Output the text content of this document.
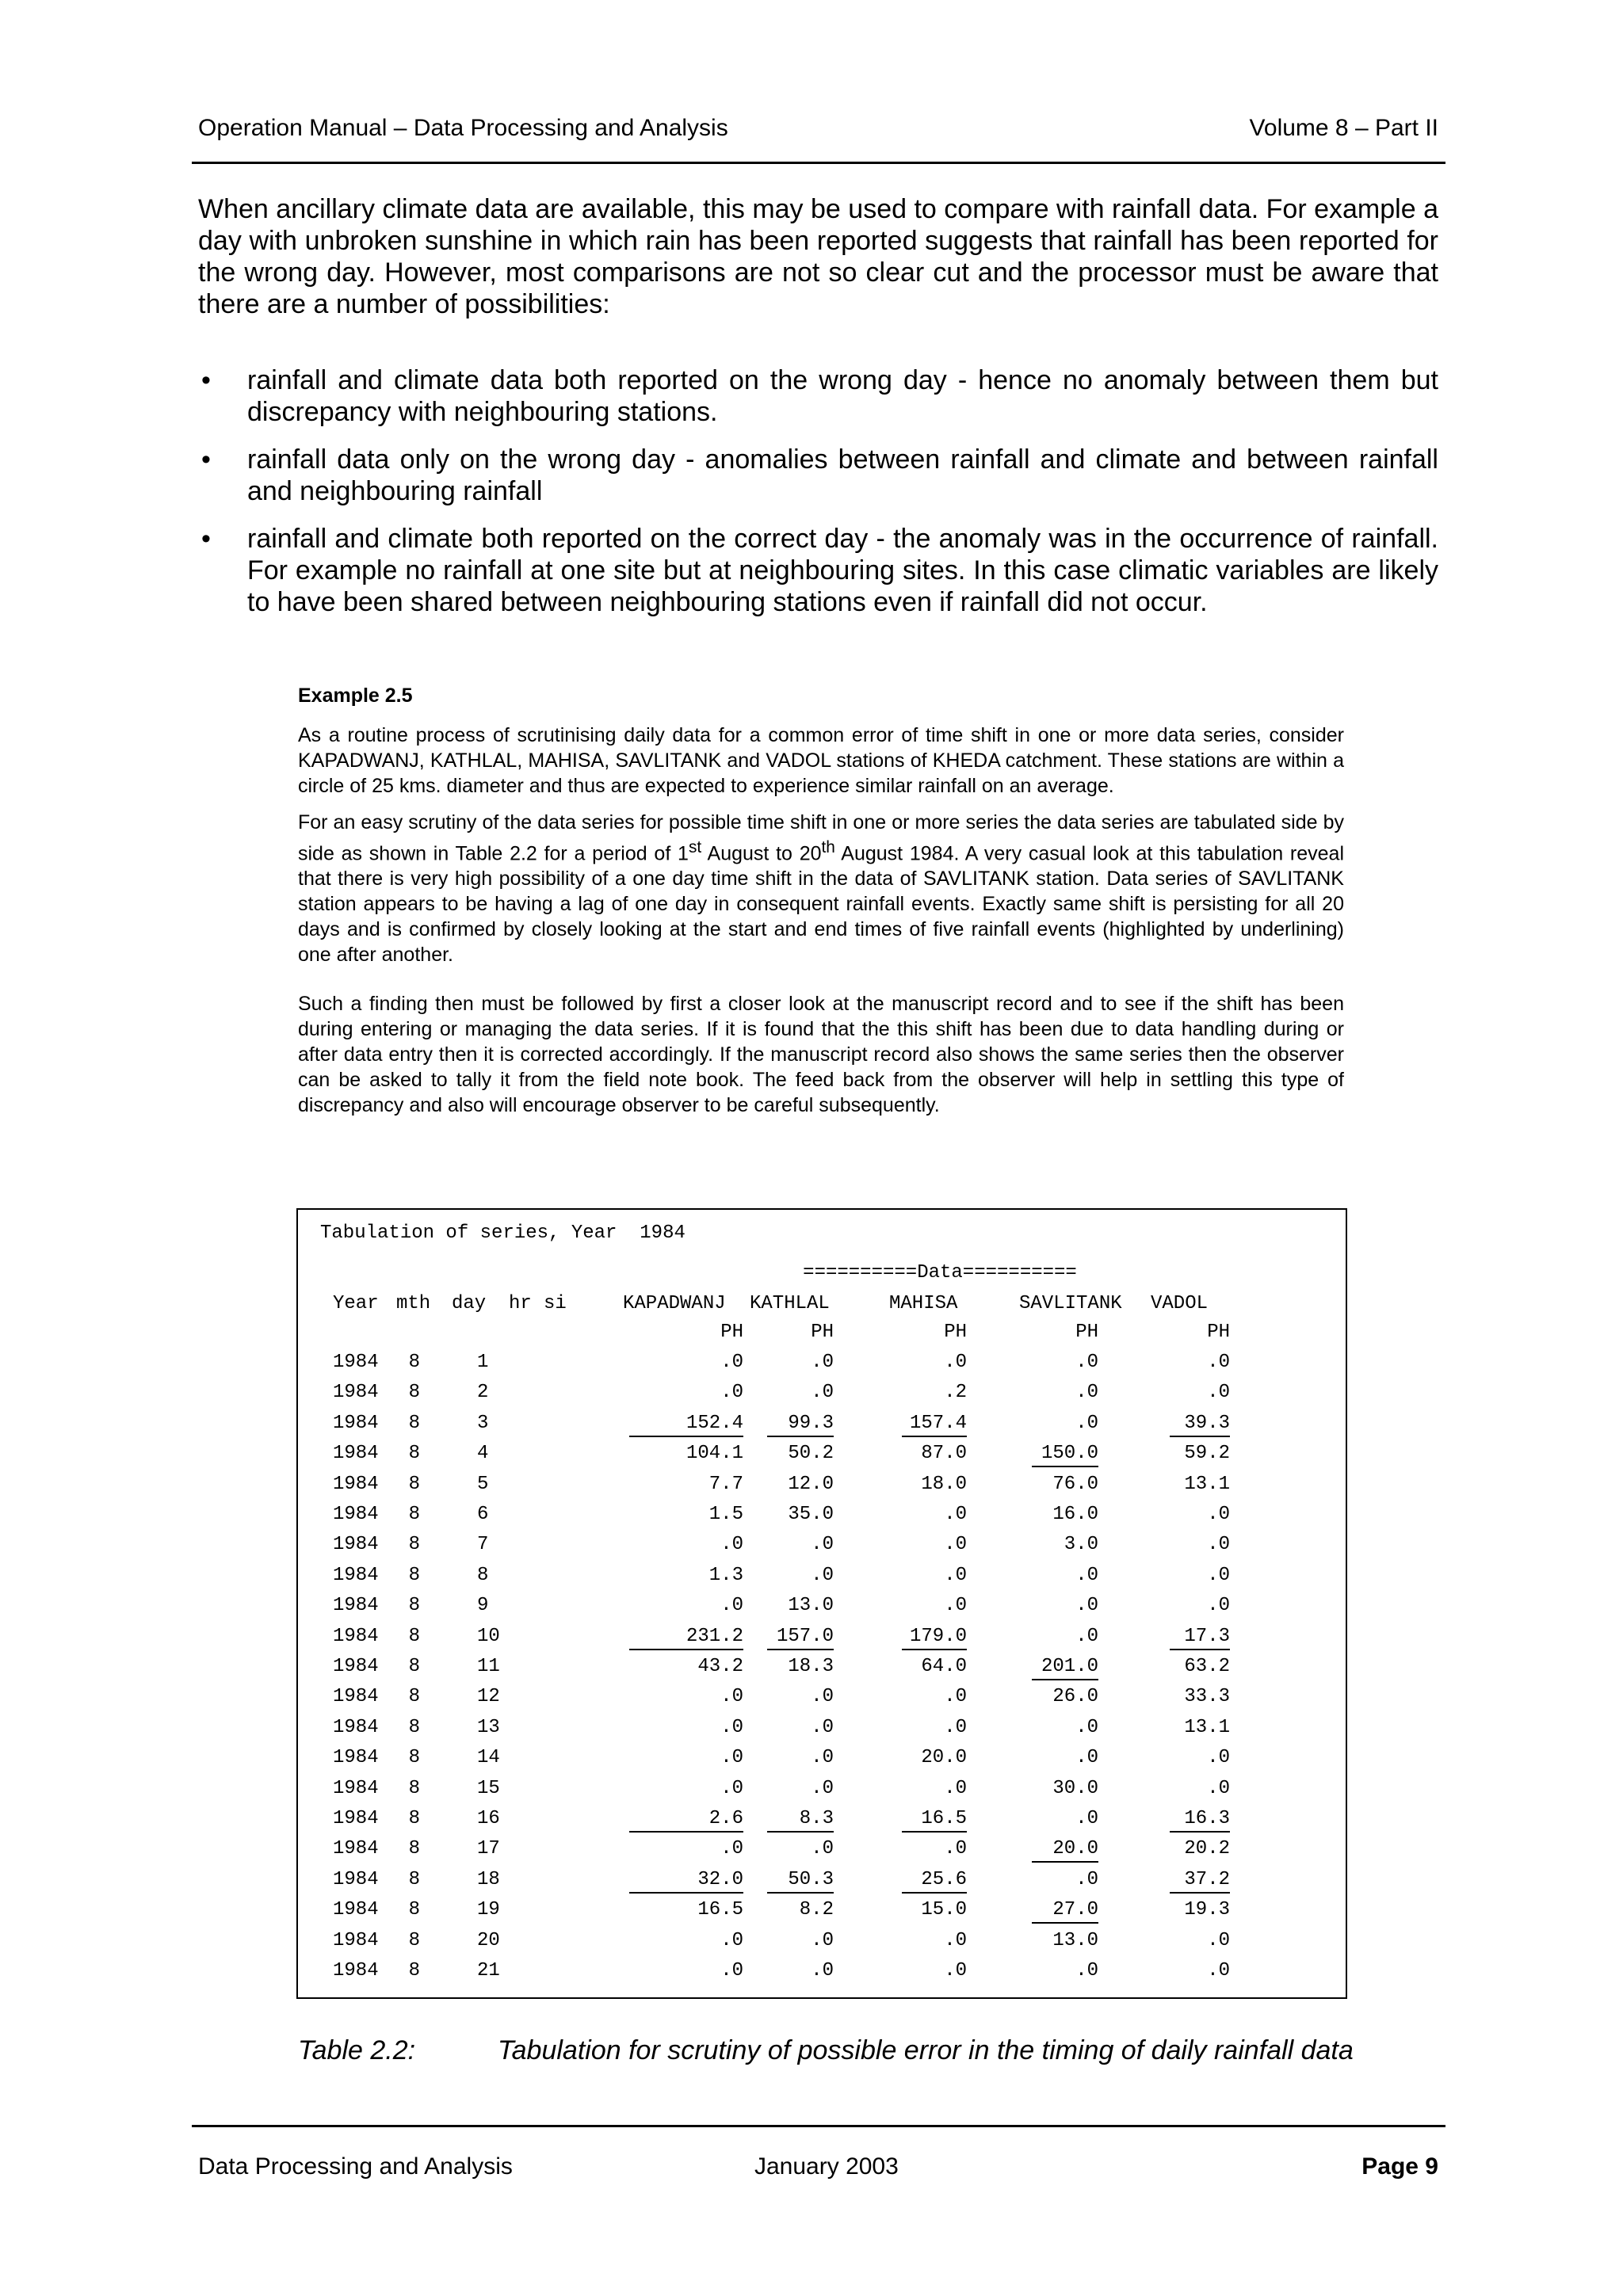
Operation Manual – Data Processing and Analysis	Volume 8 – Part II

When ancillary climate data are available, this may be used to compare with rainfall data. For example a day with unbroken sunshine in which rain has been reported suggests that rainfall has been reported for the wrong day. However, most comparisons are not so clear cut and the processor must be aware that there are a number of possibilities:

• rainfall and climate data both reported on the wrong day - hence no anomaly between them but discrepancy with neighbouring stations.
• rainfall data only on the wrong day - anomalies between rainfall and climate and between rainfall and neighbouring rainfall
• rainfall and climate both reported on the correct day - the anomaly was in the occurrence of rainfall. For example no rainfall at one site but at neighbouring sites. In this case climatic variables are likely to have been shared between neighbouring stations even if rainfall did not occur.
Example 2.5

As a routine process of scrutinising daily data for a common error of time shift in one or more data series, consider KAPADWANJ, KATHLAL, MAHISA, SAVLITANK and VADOL stations of KHEDA catchment. These stations are within a circle of 25 kms. diameter and thus are expected to experience similar rainfall on an average.

For an easy scrutiny of the data series for possible time shift in one or more series the data series are tabulated side by side as shown in Table 2.2 for a period of 1st August to 20th August 1984. A very casual look at this tabulation reveal that there is very high possibility of a one day time shift in the data of SAVLITANK station. Data series of SAVLITANK station appears to be having a lag of one day in consequent rainfall events. Exactly same shift is persisting for all 20 days and is confirmed by closely looking at the start and end times of five rainfall events (highlighted by underlining) one after another.

Such a finding then must be followed by first a closer look at the manuscript record and to see if the shift has been during entering or managing the data series. If it is found that the this shift has been due to data handling during or after data entry then it is corrected accordingly. If the manuscript record also shows the same series then the observer can be asked to tally it from the field note book. The feed back from the observer will help in settling this type of discrepancy and also will encourage observer to be careful subsequently.

Tabulation of series, Year  1984

==========Data==========

Year mth day hr si	KAPADWANJ KATHLAL	MAHISA	SAVLITANK VADOL
PH	PH	PH	PH	PH
1984	8	1	.0	.0	.0	.0	.0
1984	8	2	.0	.0	.2	.0	.0
1984	8	3	152.4	99.3	157.4	.0	39.3
1984	8	4	104.1	50.2	87.0	150.0	59.2
1984	8	5	7.7	12.0	18.0	76.0	13.1
1984	8	6	1.5	35.0	.0	16.0	.0
1984	8	7	.0	.0	.0	3.0	.0
1984	8	8	1.3	.0	.0	.0	.0
1984	8	9	.0	13.0	.0	.0	.0
1984	8	10	231.2	157.0	179.0	.0	17.3
1984	8	11	43.2	18.3	64.0	201.0	63.2
1984	8	12	.0	.0	.0	26.0	33.3
1984	8	13	.0	.0	.0	.0	13.1
1984	8	14	.0	.0	20.0	.0	.0
1984	8	15	.0	.0	.0	30.0	.0
1984	8	16	2.6	8.3	16.5	.0	16.3
1984	8	17	.0	.0	.0	20.0	20.2
1984	8	18	32.0	50.3	25.6	.0	37.2
1984	8	19	16.5	8.2	15.0	27.0	19.3
1984	8	20	.0	.0	.0	13.0	.0
1984	8	21	.0	.0	.0	.0	.0
Table 2.2:	Tabulation for scrutiny of possible error in the timing of daily rainfall data
Data Processing and Analysis	January 2003	Page 9
